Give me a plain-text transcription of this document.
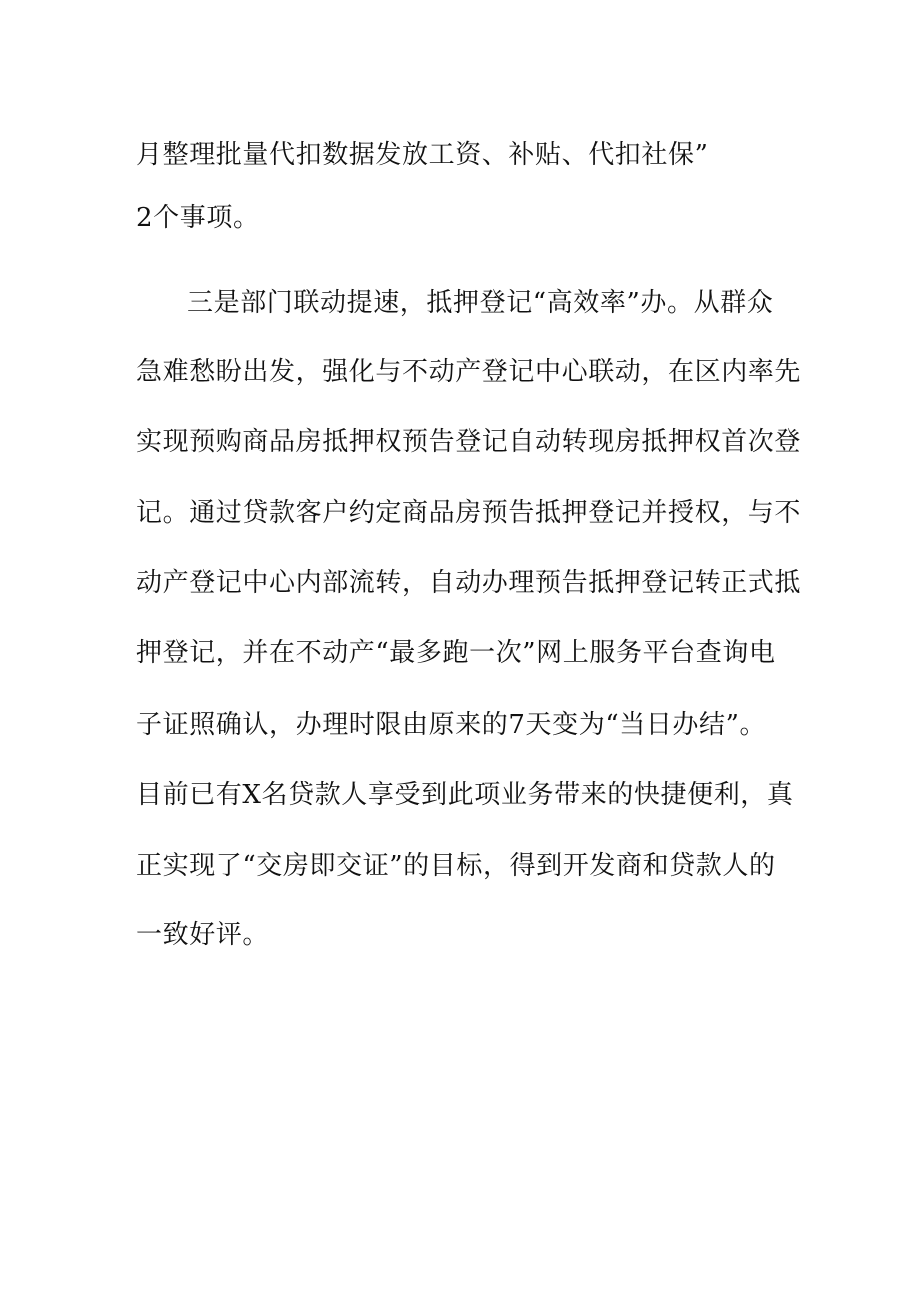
月整理批量代扣数据发放工资、补贴、代扣社保”
2个事项。
三是部门联动提速，抵押登记“高效率”办。从群众
急难愁盼出发，强化与不动产登记中心联动，在区内率先
实现预购商品房抵押权预告登记自动转现房抵押权首次登
记。通过贷款客户约定商品房预告抵押登记并授权，与不
动产登记中心内部流转，自动办理预告抵押登记转正式抵
押登记，并在不动产“最多跑一次”网上服务平台查询电
子证照确认，办理时限由原来的7天变为“当日办结”。
目前已有X名贷款人享受到此项业务带来的快捷便利，真
正实现了“交房即交证”的目标，得到开发商和贷款人的
一致好评。
